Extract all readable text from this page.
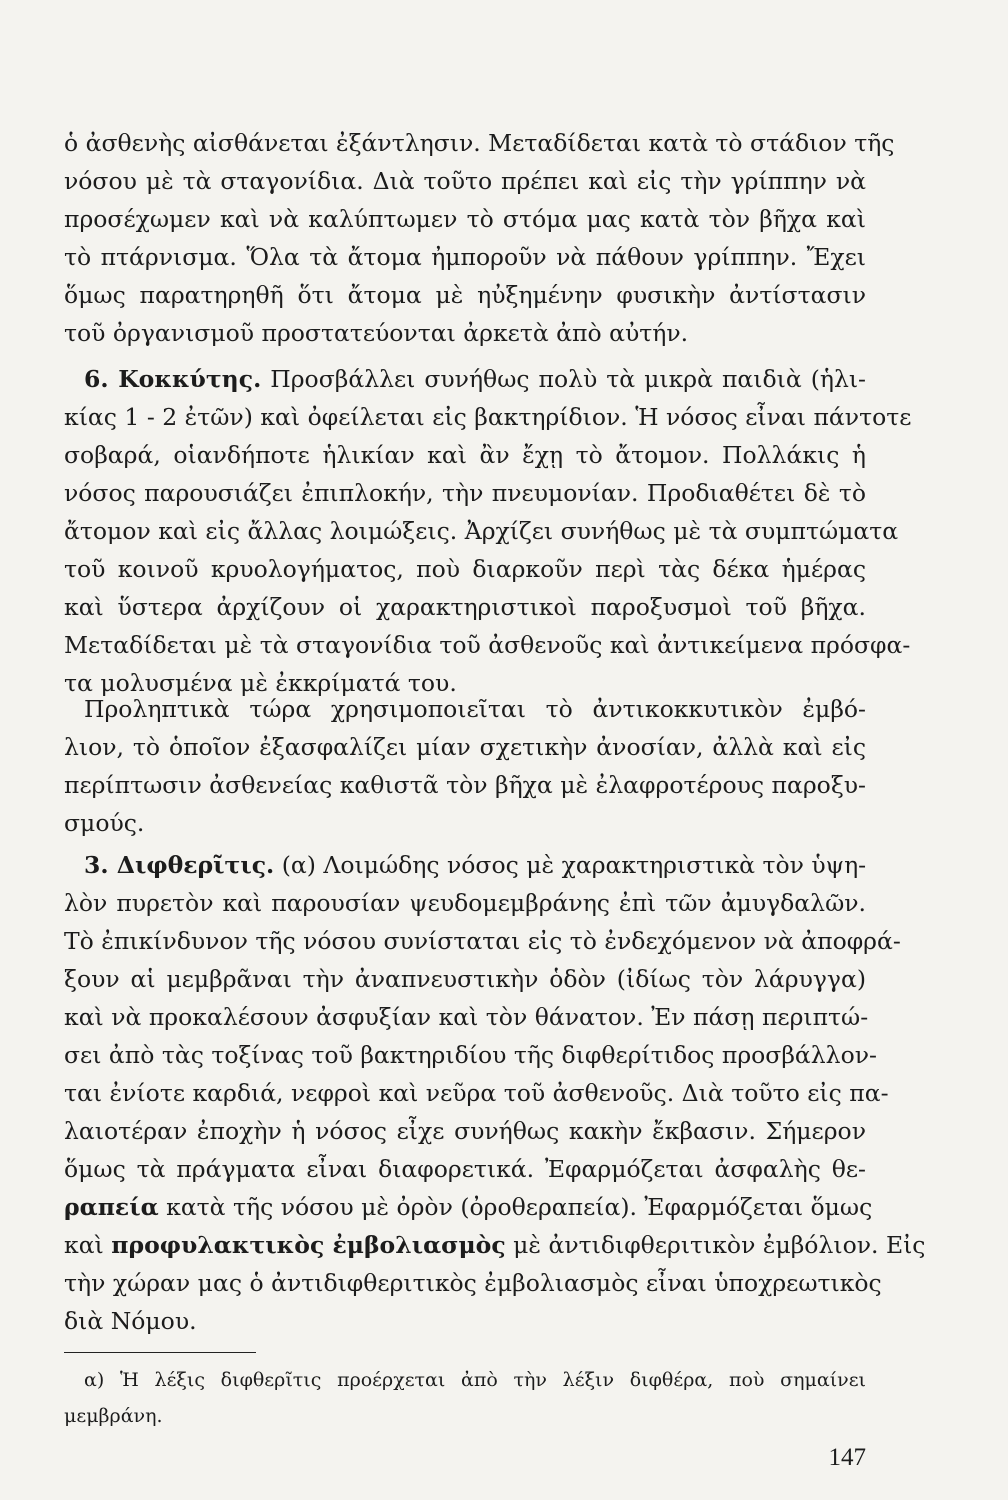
ὁ ἀσθενὴς αἰσθάνεται ἐξάντλησιν. Μεταδίδεται κατὰ τὸ στάδιον τῆς
νόσου μὲ τὰ σταγονίδια. Διὰ τοῦτο πρέπει καὶ εἰς τὴν γρίππην νὰ
προσέχωμεν καὶ νὰ καλύπτωμεν τὸ στόμα μας κατὰ τὸν βῆχα καὶ
τὸ πτάρνισμα. Ὅλα τὰ ἄτομα ἠμποροῦν νὰ πάθουν γρίππην. Ἔχει
ὅμως παρατηρηθῆ ὅτι ἄτομα μὲ ηὐξημένην φυσικὴν ἀντίστασιν
τοῦ ὀργανισμοῦ προστατεύονται ἀρκετὰ ἀπὸ αὐτήν.
6. Κοκκύτης. Προσβάλλει συνήθως πολὺ τὰ μικρὰ παιδιὰ (ἡλι-
κίας 1 - 2 ἐτῶν) καὶ ὀφείλεται εἰς βακτηρίδιον. Ἡ νόσος εἶναι πάντοτε
σοβαρά, οἱανδήποτε ἡλικίαν καὶ ἂν ἔχῃ τὸ ἄτομον. Πολλάκις ἡ
νόσος παρουσιάζει ἐπιπλοκήν, τὴν πνευμονίαν. Προδιαθέτει δὲ τὸ
ἄτομον καὶ εἰς ἄλλας λοιμώξεις. Ἀρχίζει συνήθως μὲ τὰ συμπτώματα
τοῦ κοινοῦ κρυολογήματος, ποὺ διαρκοῦν περὶ τὰς δέκα ἡμέρας
καὶ ὕστερα ἀρχίζουν οἱ χαρακτηριστικοὶ παροξυσμοὶ τοῦ βῆχα.
Μεταδίδεται μὲ τὰ σταγονίδια τοῦ ἀσθενοῦς καὶ ἀντικείμενα πρόσφα-
τα μολυσμένα μὲ ἐκκρίματά του.
Προληπτικὰ τώρα χρησιμοποιεῖται τὸ ἀντικοκκυτικὸν ἐμβό-
λιον, τὸ ὁποῖον ἐξασφαλίζει μίαν σχετικὴν ἀνοσίαν, ἀλλὰ καὶ εἰς
περίπτωσιν ἀσθενείας καθιστᾶ τὸν βῆχα μὲ ἐλαφροτέρους παροξυ-
σμούς.
3. Διφθερῖτις. (α) Λοιμώδης νόσος μὲ χαρακτηριστικὰ τὸν ὑψη-
λὸν πυρετὸν καὶ παρουσίαν ψευδομεμβράνης ἐπὶ τῶν ἀμυγδαλῶν.
Τὸ ἐπικίνδυνον τῆς νόσου συνίσταται εἰς τὸ ἐνδεχόμενον νὰ ἀποφρά-
ξουν αἱ μεμβρᾶναι τὴν ἀναπνευστικὴν ὁδὸν (ἰδίως τὸν λάρυγγα)
καὶ νὰ προκαλέσουν ἀσφυξίαν καὶ τὸν θάνατον. Ἐν πάσῃ περιπτώ-
σει ἀπὸ τὰς τοξίνας τοῦ βακτηριδίου τῆς διφθερίτιδος προσβάλλον-
ται ἐνίοτε καρδιά, νεφροὶ καὶ νεῦρα τοῦ ἀσθενοῦς. Διὰ τοῦτο εἰς πα-
λαιοτέραν ἐποχὴν ἡ νόσος εἶχε συνήθως κακὴν ἔκβασιν. Σήμερον
ὅμως τὰ πράγματα εἶναι διαφορετικά. Ἐφαρμόζεται ἀσφαλὴς θε-
ραπεία κατὰ τῆς νόσου μὲ ὀρὸν (ὀροθεραπεία). Ἐφαρμόζεται ὅμως
καὶ προφυλακτικὸς ἐμβολιασμὸς μὲ ἀντιδιφθεριτικὸν ἐμβόλιον. Εἰς
τὴν χώραν μας ὁ ἀντιδιφθεριτικὸς ἐμβολιασμὸς εἶναι ὑποχρεωτικὸς
διὰ Νόμου.
α) Ἡ λέξις διφθερῖτις προέρχεται ἀπὸ τὴν λέξιν διφθέρα, ποὺ σημαίνει
μεμβράνη.
147
